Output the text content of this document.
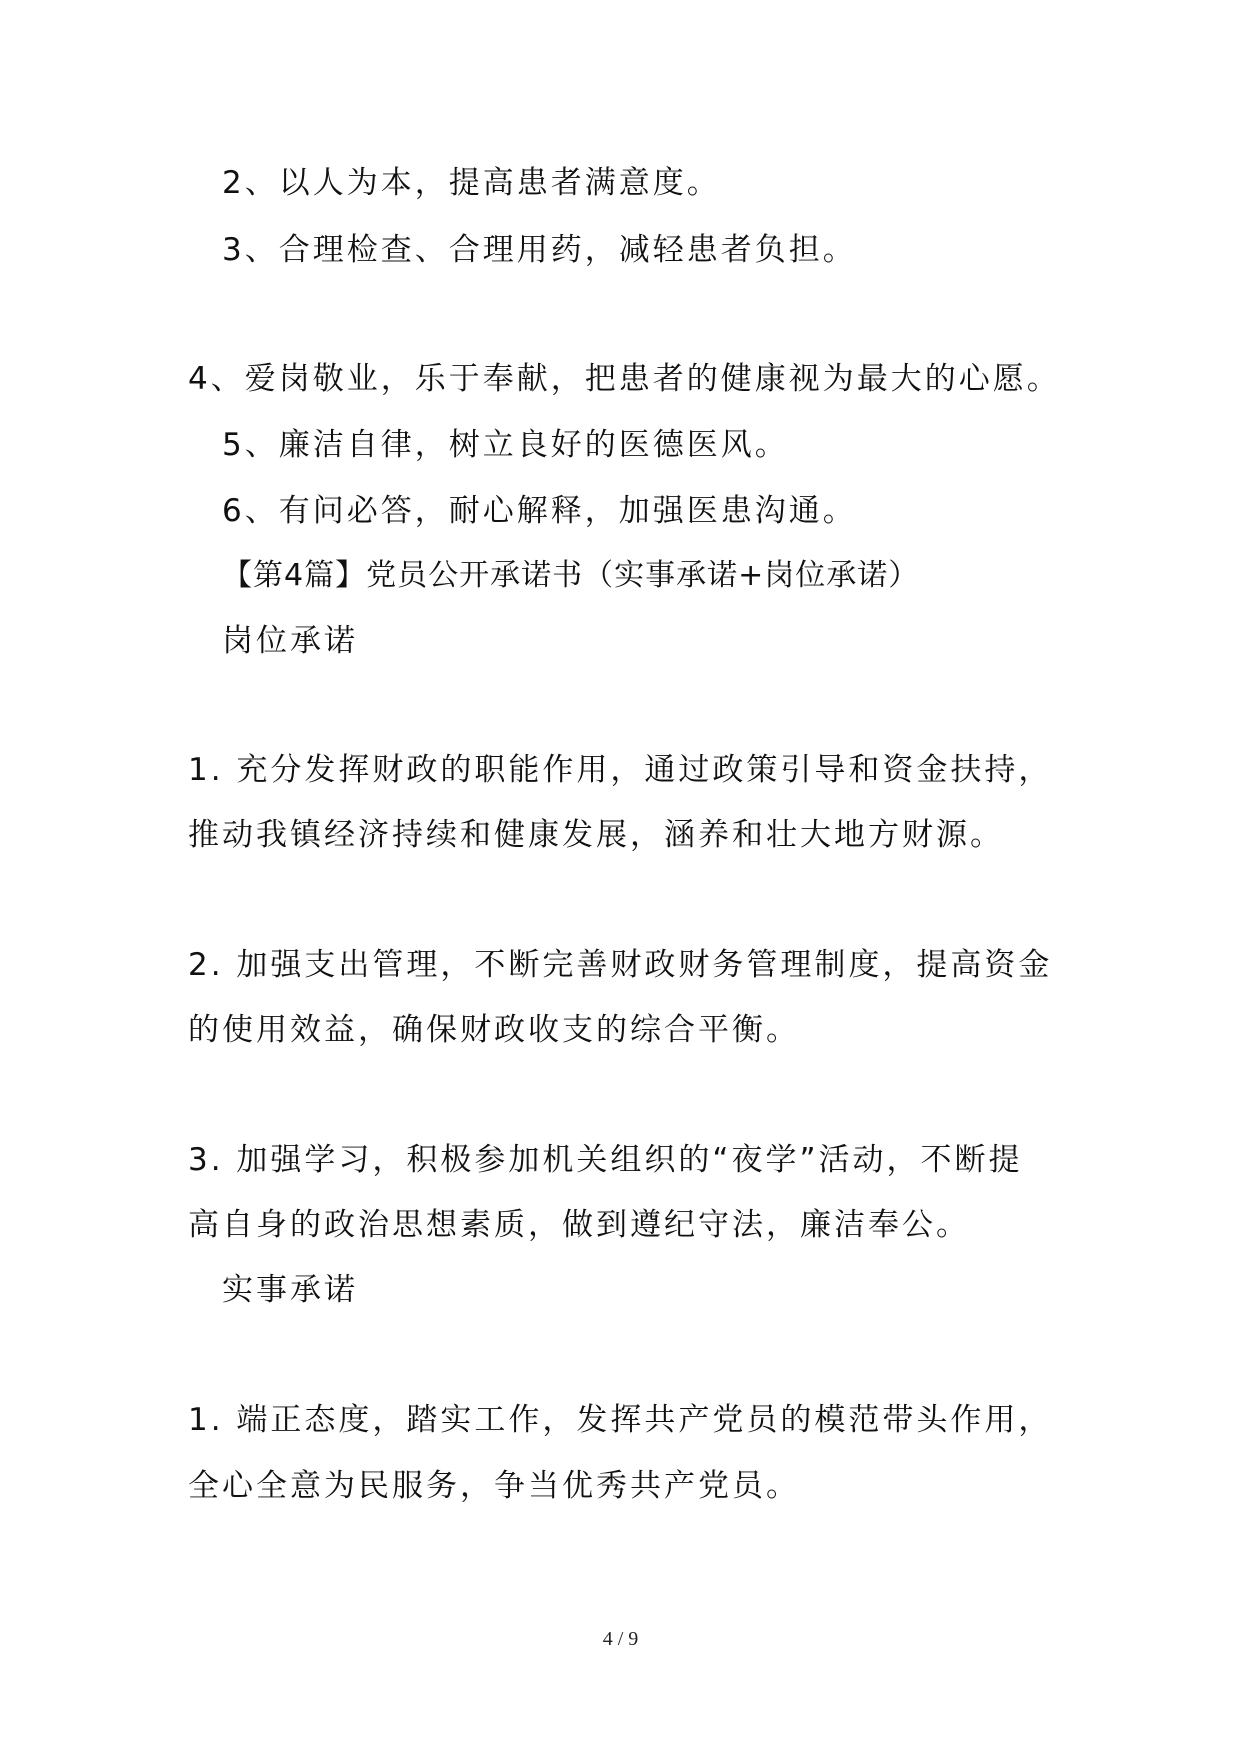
2、以人为本，提高患者满意度。
3、合理检查、合理用药，减轻患者负担。
4、爱岗敬业，乐于奉献，把患者的健康视为最大的心愿。
5、廉洁自律，树立良好的医德医风。
6、有问必答，耐心解释，加强医患沟通。
【第4篇】党员公开承诺书（实事承诺+岗位承诺）
岗位承诺
1. 充分发挥财政的职能作用，通过政策引导和资金扶持，
推动我镇经济持续和健康发展，涵养和壮大地方财源。
2. 加强支出管理，不断完善财政财务管理制度，提高资金
的使用效益，确保财政收支的综合平衡。
3. 加强学习，积极参加机关组织的“夜学”活动，不断提
高自身的政治思想素质，做到遵纪守法，廉洁奉公。
实事承诺
1. 端正态度，踏实工作，发挥共产党员的模范带头作用，
全心全意为民服务，争当优秀共产党员。
4 / 9
